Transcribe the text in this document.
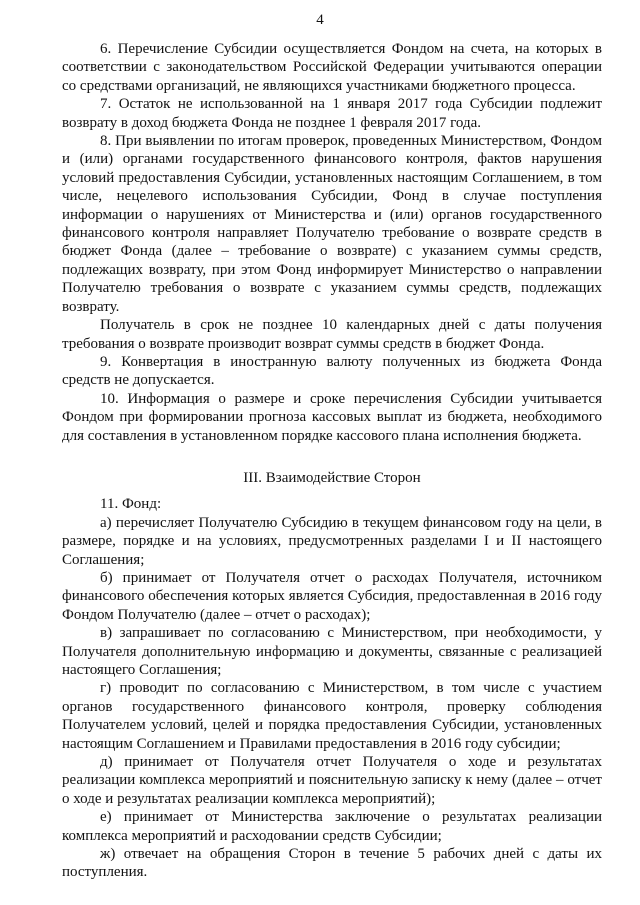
4

6. Перечисление Субсидии осуществляется Фондом на счета, на которых в соответствии с законодательством Российской Федерации учитываются операции со средствами организаций, не являющихся участниками бюджетного процесса.

7. Остаток не использованной на 1 января 2017 года Субсидии подлежит возврату в доход бюджета Фонда не позднее 1 февраля 2017 года.

8. При выявлении по итогам проверок, проведенных Министерством, Фондом и (или) органами государственного финансового контроля, фактов нарушения условий предоставления Субсидии, установленных настоящим Соглашением, в том числе, нецелевого использования Субсидии, Фонд в случае поступления информации о нарушениях от Министерства и (или) органов государственного финансового контроля направляет Получателю требование о возврате средств в бюджет Фонда (далее – требование о возврате) с указанием суммы средств, подлежащих возврату, при этом Фонд информирует Министерство о направлении Получателю требования о возврате с указанием суммы средств, подлежащих возврату.

Получатель в срок не позднее 10 календарных дней с даты получения требования о возврате производит возврат суммы средств в бюджет Фонда.

9. Конвертация в иностранную валюту полученных из бюджета Фонда средств не допускается.

10. Информация о размере и сроке перечисления Субсидии учитывается Фондом при формировании прогноза кассовых выплат из бюджета, необходимого для составления в установленном порядке кассового плана исполнения бюджета.

III. Взаимодействие Сторон

11. Фонд:

а) перечисляет Получателю Субсидию в текущем финансовом году на цели, в размере, порядке и на условиях, предусмотренных разделами I и II настоящего Соглашения;

б) принимает от Получателя отчет о расходах Получателя, источником финансового обеспечения которых является Субсидия, предоставленная в 2016 году Фондом Получателю (далее – отчет о расходах);

в) запрашивает по согласованию с Министерством, при необходимости, у Получателя дополнительную информацию и документы, связанные с реализацией настоящего Соглашения;

г) проводит по согласованию с Министерством, в том числе с участием органов государственного финансового контроля, проверку соблюдения Получателем условий, целей и порядка предоставления Субсидии, установленных настоящим Соглашением и Правилами предоставления в 2016 году субсидии;

д) принимает от Получателя отчет Получателя о ходе и результатах реализации комплекса мероприятий и пояснительную записку к нему (далее – отчет о ходе и результатах реализации комплекса мероприятий);

е) принимает от Министерства заключение о результатах реализации комплекса мероприятий и расходовании средств Субсидии;

ж) отвечает на обращения Сторон в течение 5 рабочих дней с даты их поступления.
